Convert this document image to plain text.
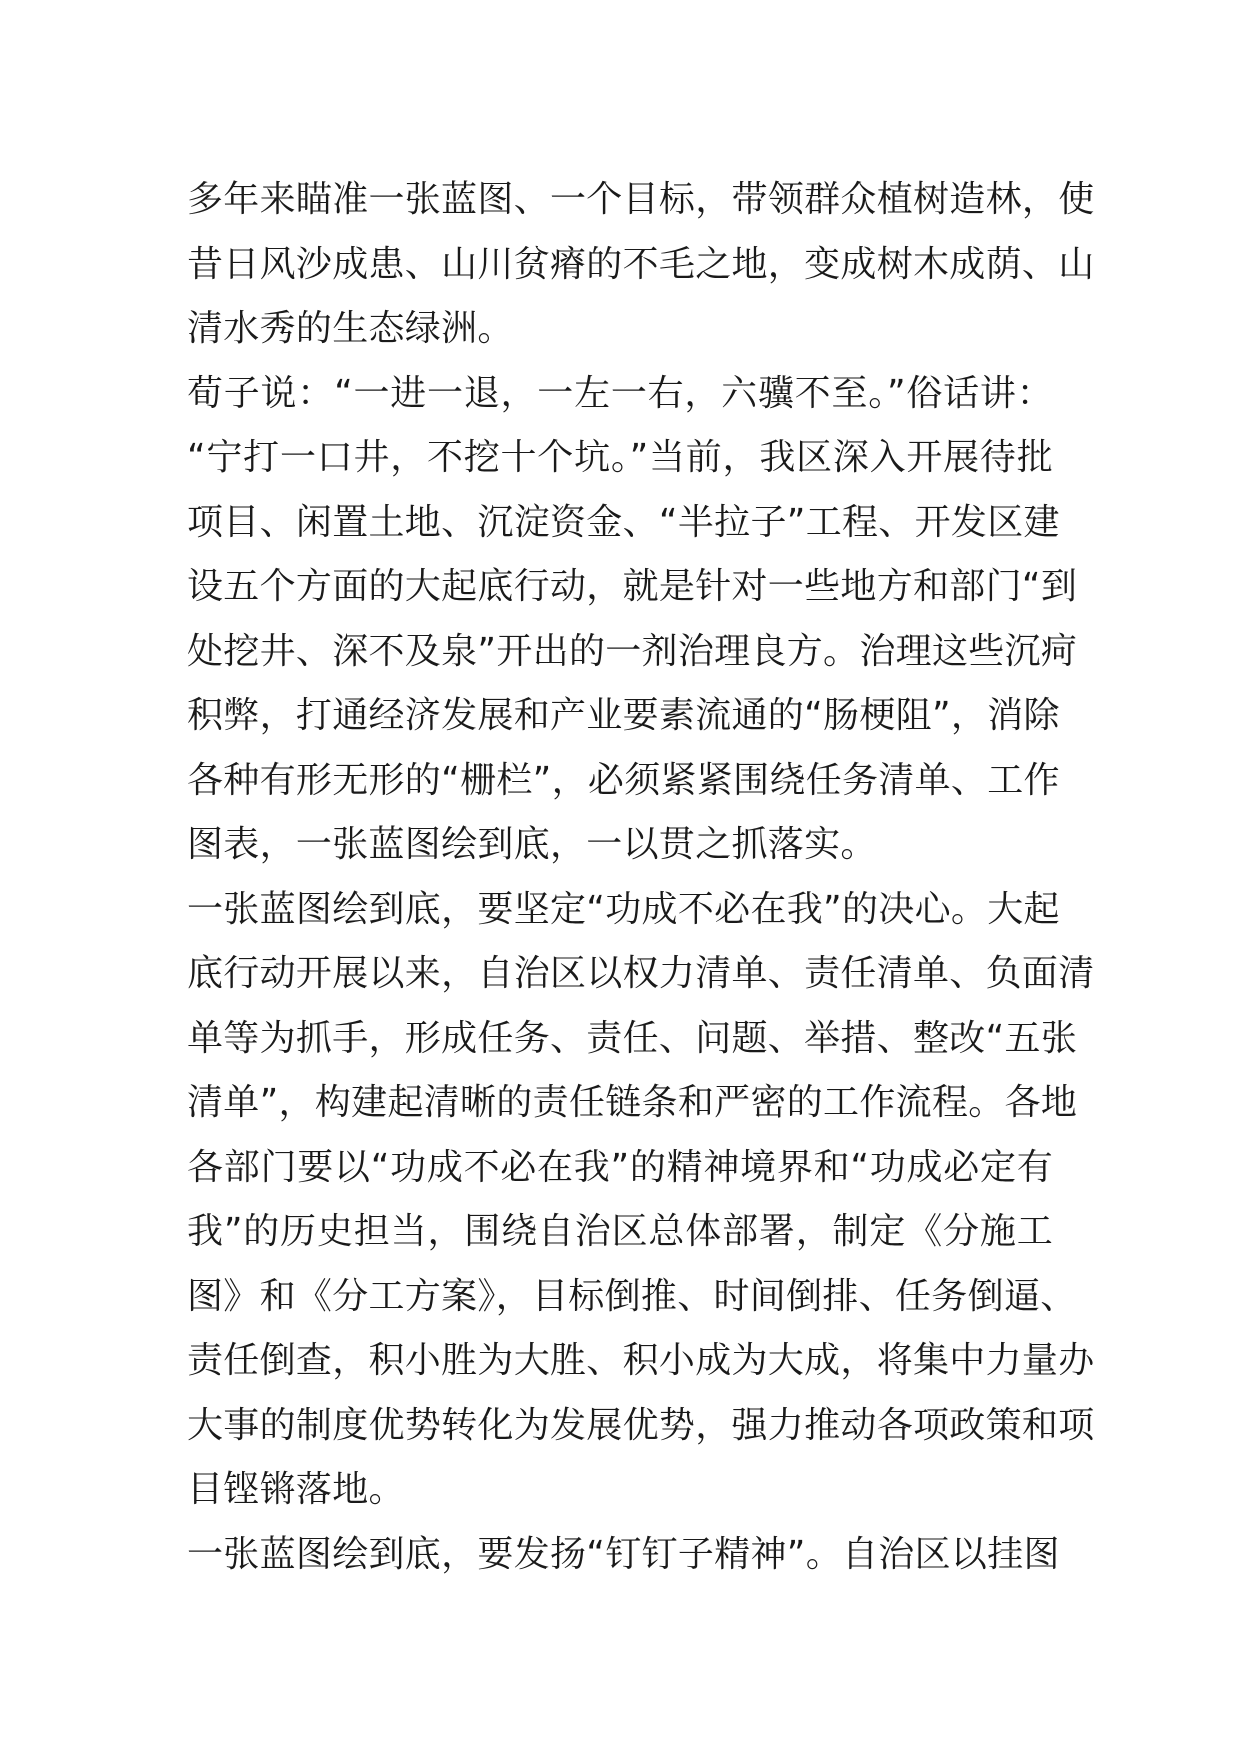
多年来瞄准一张蓝图、一个目标，带领群众植树造林，使
昔日风沙成患、山川贫瘠的不毛之地，变成树木成荫、山
清水秀的生态绿洲。
荀子说：“一进一退，一左一右，六骥不至。”俗话讲：
“宁打一口井，不挖十个坑。”当前，我区深入开展待批
项目、闲置土地、沉淀资金、“半拉子”工程、开发区建
设五个方面的大起底行动，就是针对一些地方和部门“到
处挖井、深不及泉”开出的一剂治理良方。治理这些沉疴
积弊，打通经济发展和产业要素流通的“肠梗阻”，消除
各种有形无形的“栅栏”，必须紧紧围绕任务清单、工作
图表，一张蓝图绘到底，一以贯之抓落实。
一张蓝图绘到底，要坚定“功成不必在我”的决心。大起
底行动开展以来，自治区以权力清单、责任清单、负面清
单等为抓手，形成任务、责任、问题、举措、整改“五张
清单”，构建起清晰的责任链条和严密的工作流程。各地
各部门要以“功成不必在我”的精神境界和“功成必定有
我”的历史担当，围绕自治区总体部署，制定《分施工
图》和《分工方案》，目标倒推、时间倒排、任务倒逼、
责任倒查，积小胜为大胜、积小成为大成，将集中力量办
大事的制度优势转化为发展优势，强力推动各项政策和项
目铿锵落地。
一张蓝图绘到底，要发扬“钉钉子精神”。自治区以挂图
